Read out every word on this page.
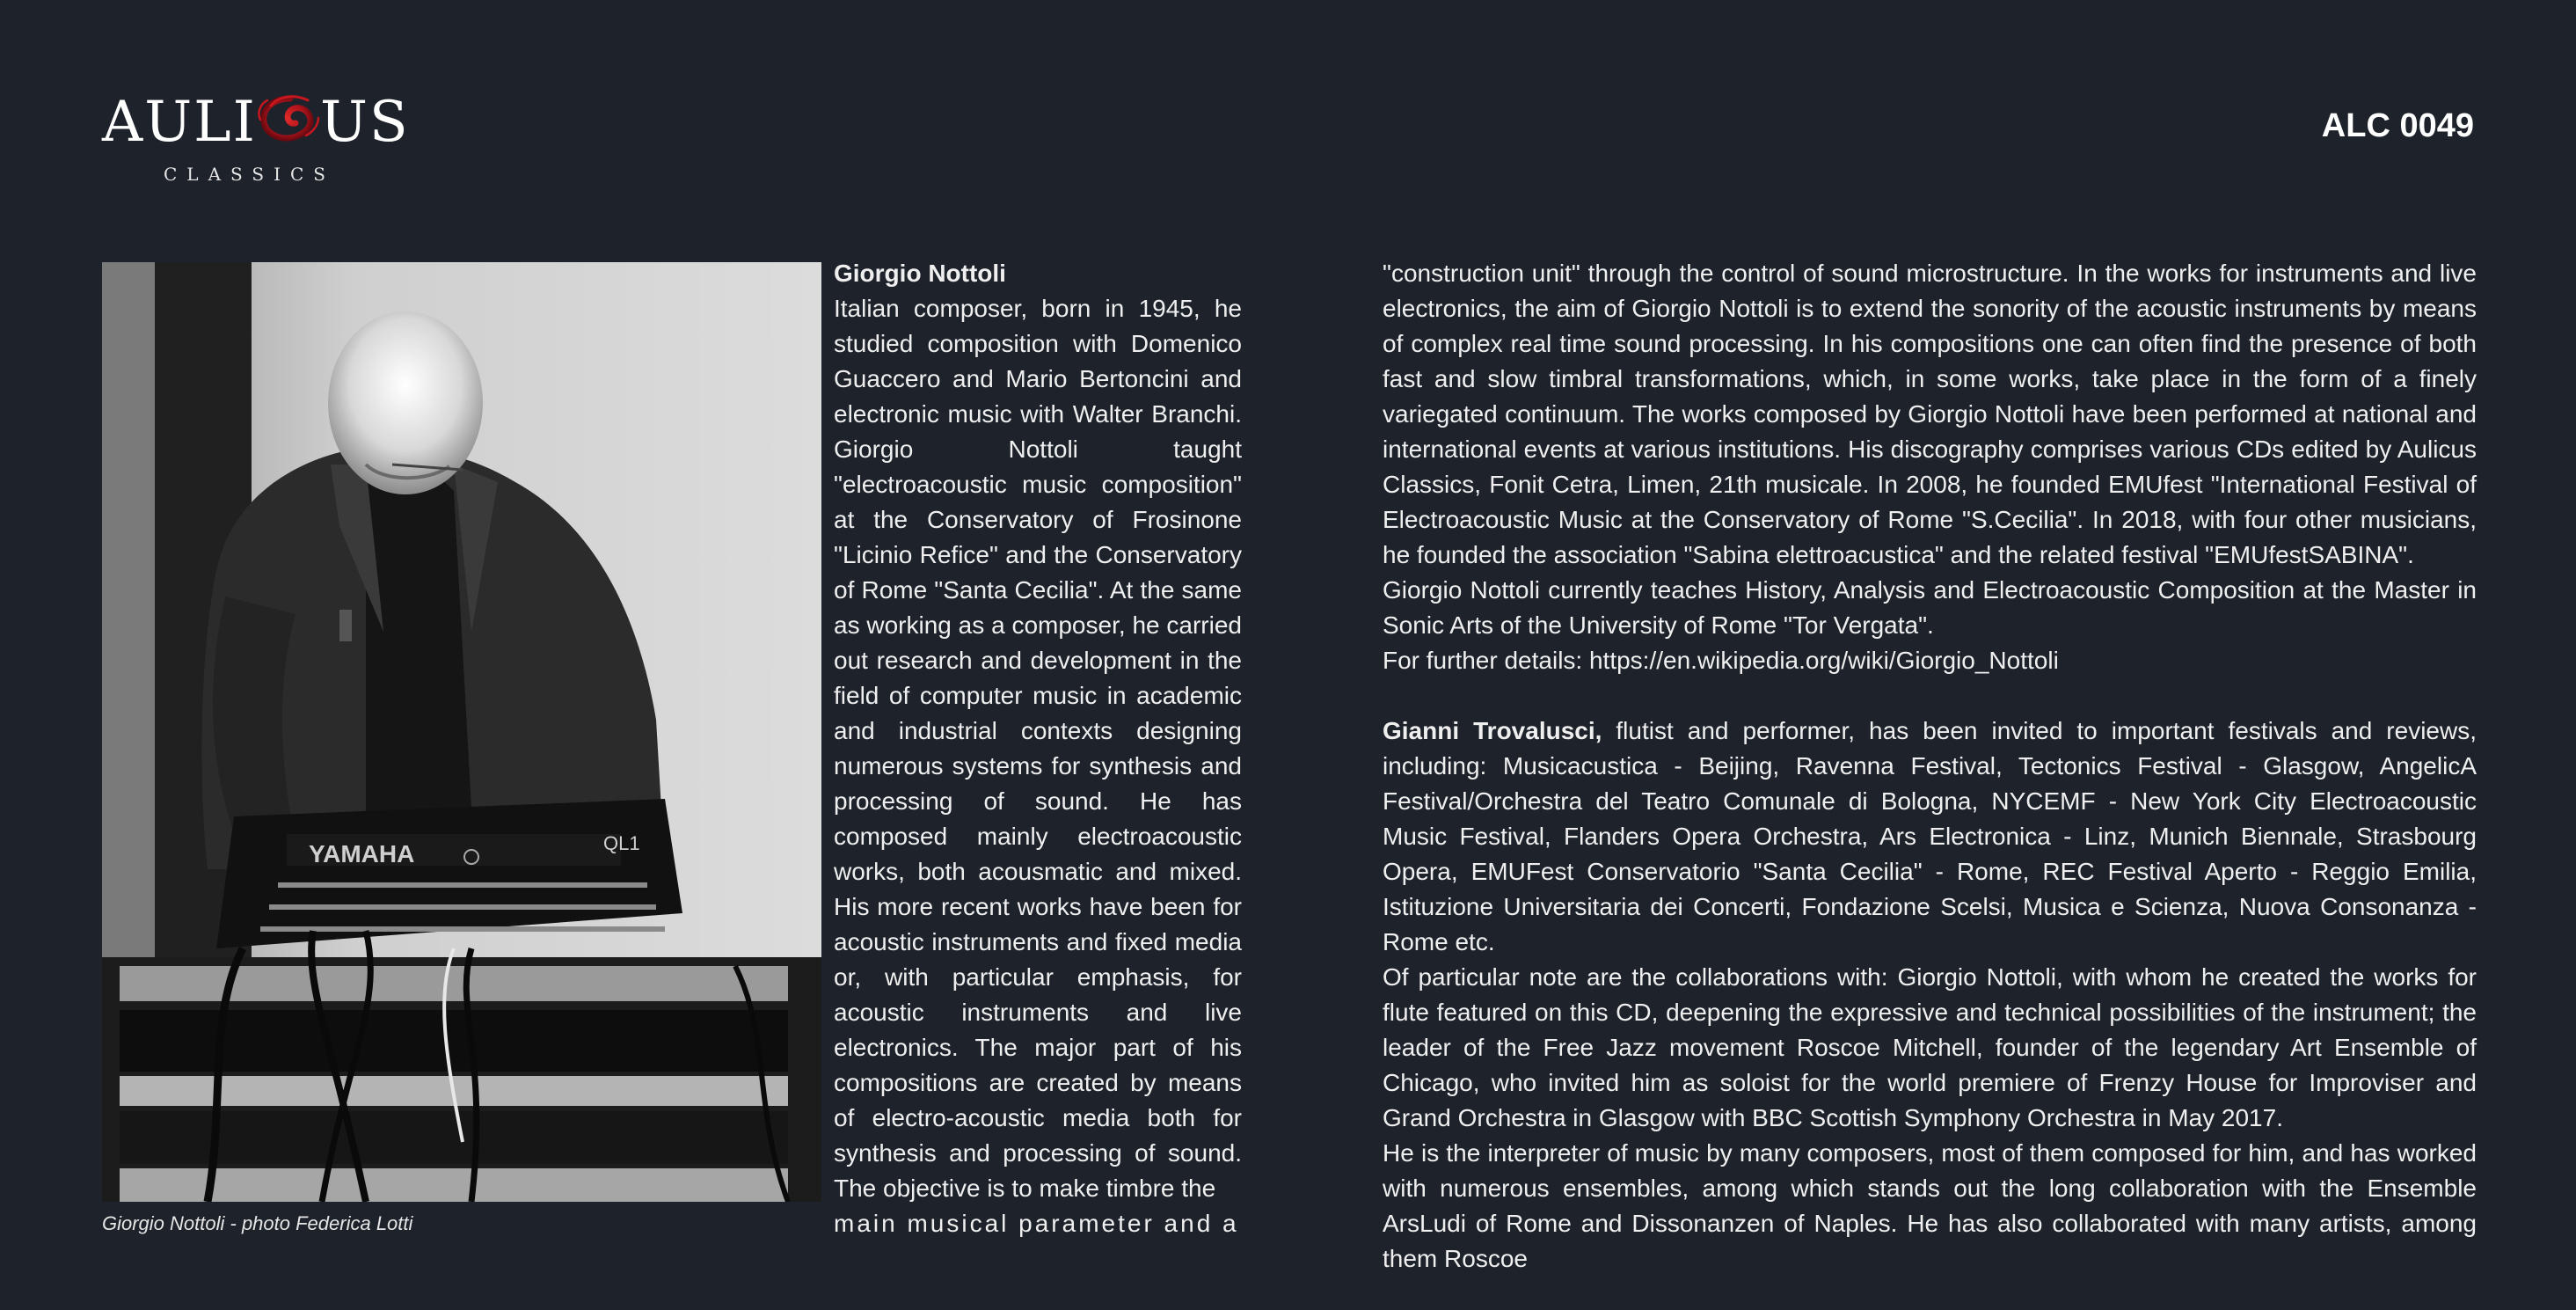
AULI US
CLASSICS
ALC 0049
YAMAHA	QL1
Giorgio Nottoli - photo Federica Lotti

Giorgio Nottoli

Italian composer, born in 1945, he studied composition with Domenico Guaccero and Mario Bertoncini and electronic music with Walter Branchi. Giorgio Nottoli taught "electroacoustic music composition" at the Conservatory of Frosinone "Licinio Refice" and the Conservatory of Rome "Santa Cecilia". At the same as working as a composer, he carried out research and development in the field of computer music in academic and industrial contexts designing numerous systems for synthesis and processing of sound. He has composed mainly electroacoustic works, both acousmatic and mixed. His more recent works have been for acoustic instruments and fixed media or, with particular emphasis, for acoustic instruments and live electronics. The major part of his compositions are created by means of electro-acoustic media both for synthesis and processing of sound. The objective is to make timbre the

main musical parameter and a

"construction unit" through the control of sound microstructure. In the works for instruments and live electronics, the aim of Giorgio Nottoli is to extend the sonority of the acoustic instruments by means of complex real time sound processing. In his compositions one can often find the presence of both fast and slow timbral transformations, which, in some works, take place in the form of a finely variegated continuum. The works composed by Giorgio Nottoli have been performed at national and international events at various institutions. His discography comprises various CDs edited by Aulicus Classics, Fonit Cetra, Limen, 21th musicale. In 2008, he founded EMUfest "International Festival of Electroacoustic Music at the Conservatory of Rome "S.Cecilia". In 2018, with four other musicians, he founded the association "Sabina elettroacustica" and the related festival "EMUfestSABINA".

Giorgio Nottoli currently teaches History, Analysis and Electroacoustic Composition at the Master in Sonic Arts of the University of Rome "Tor Vergata".

For further details: https://en.wikipedia.org/wiki/Giorgio_Nottoli

Gianni Trovalusci, flutist and performer, has been invited to important festivals and reviews, including: Musicacustica - Beijing, Ravenna Festival, Tectonics Festival - Glasgow, AngelicA Festival/Orchestra del Teatro Comunale di Bologna, NYCEMF - New York City Electroacoustic Music Festival, Flanders Opera Orchestra, Ars Electronica - Linz, Munich Biennale, Strasbourg Opera, EMUFest Conservatorio "Santa Cecilia" - Rome, REC Festival Aperto - Reggio Emilia, Istituzione Universitaria dei Concerti, Fondazione Scelsi, Musica e Scienza, Nuova Consonanza - Rome etc.

Of particular note are the collaborations with: Giorgio Nottoli, with whom he created the works for flute featured on this CD, deepening the expressive and technical possibilities of the instrument; the leader of the Free Jazz movement Roscoe Mitchell, founder of the legendary Art Ensemble of Chicago, who invited him as soloist for the world premiere of Frenzy House for Improviser and Grand Orchestra in Glasgow with BBC Scottish Symphony Orchestra in May 2017.

He is the interpreter of music by many composers, most of them composed for him, and has worked with numerous ensembles, among which stands out the long collaboration with the Ensemble ArsLudi of Rome and Dissonanzen of Naples. He has also collaborated with many artists, among them Roscoe
